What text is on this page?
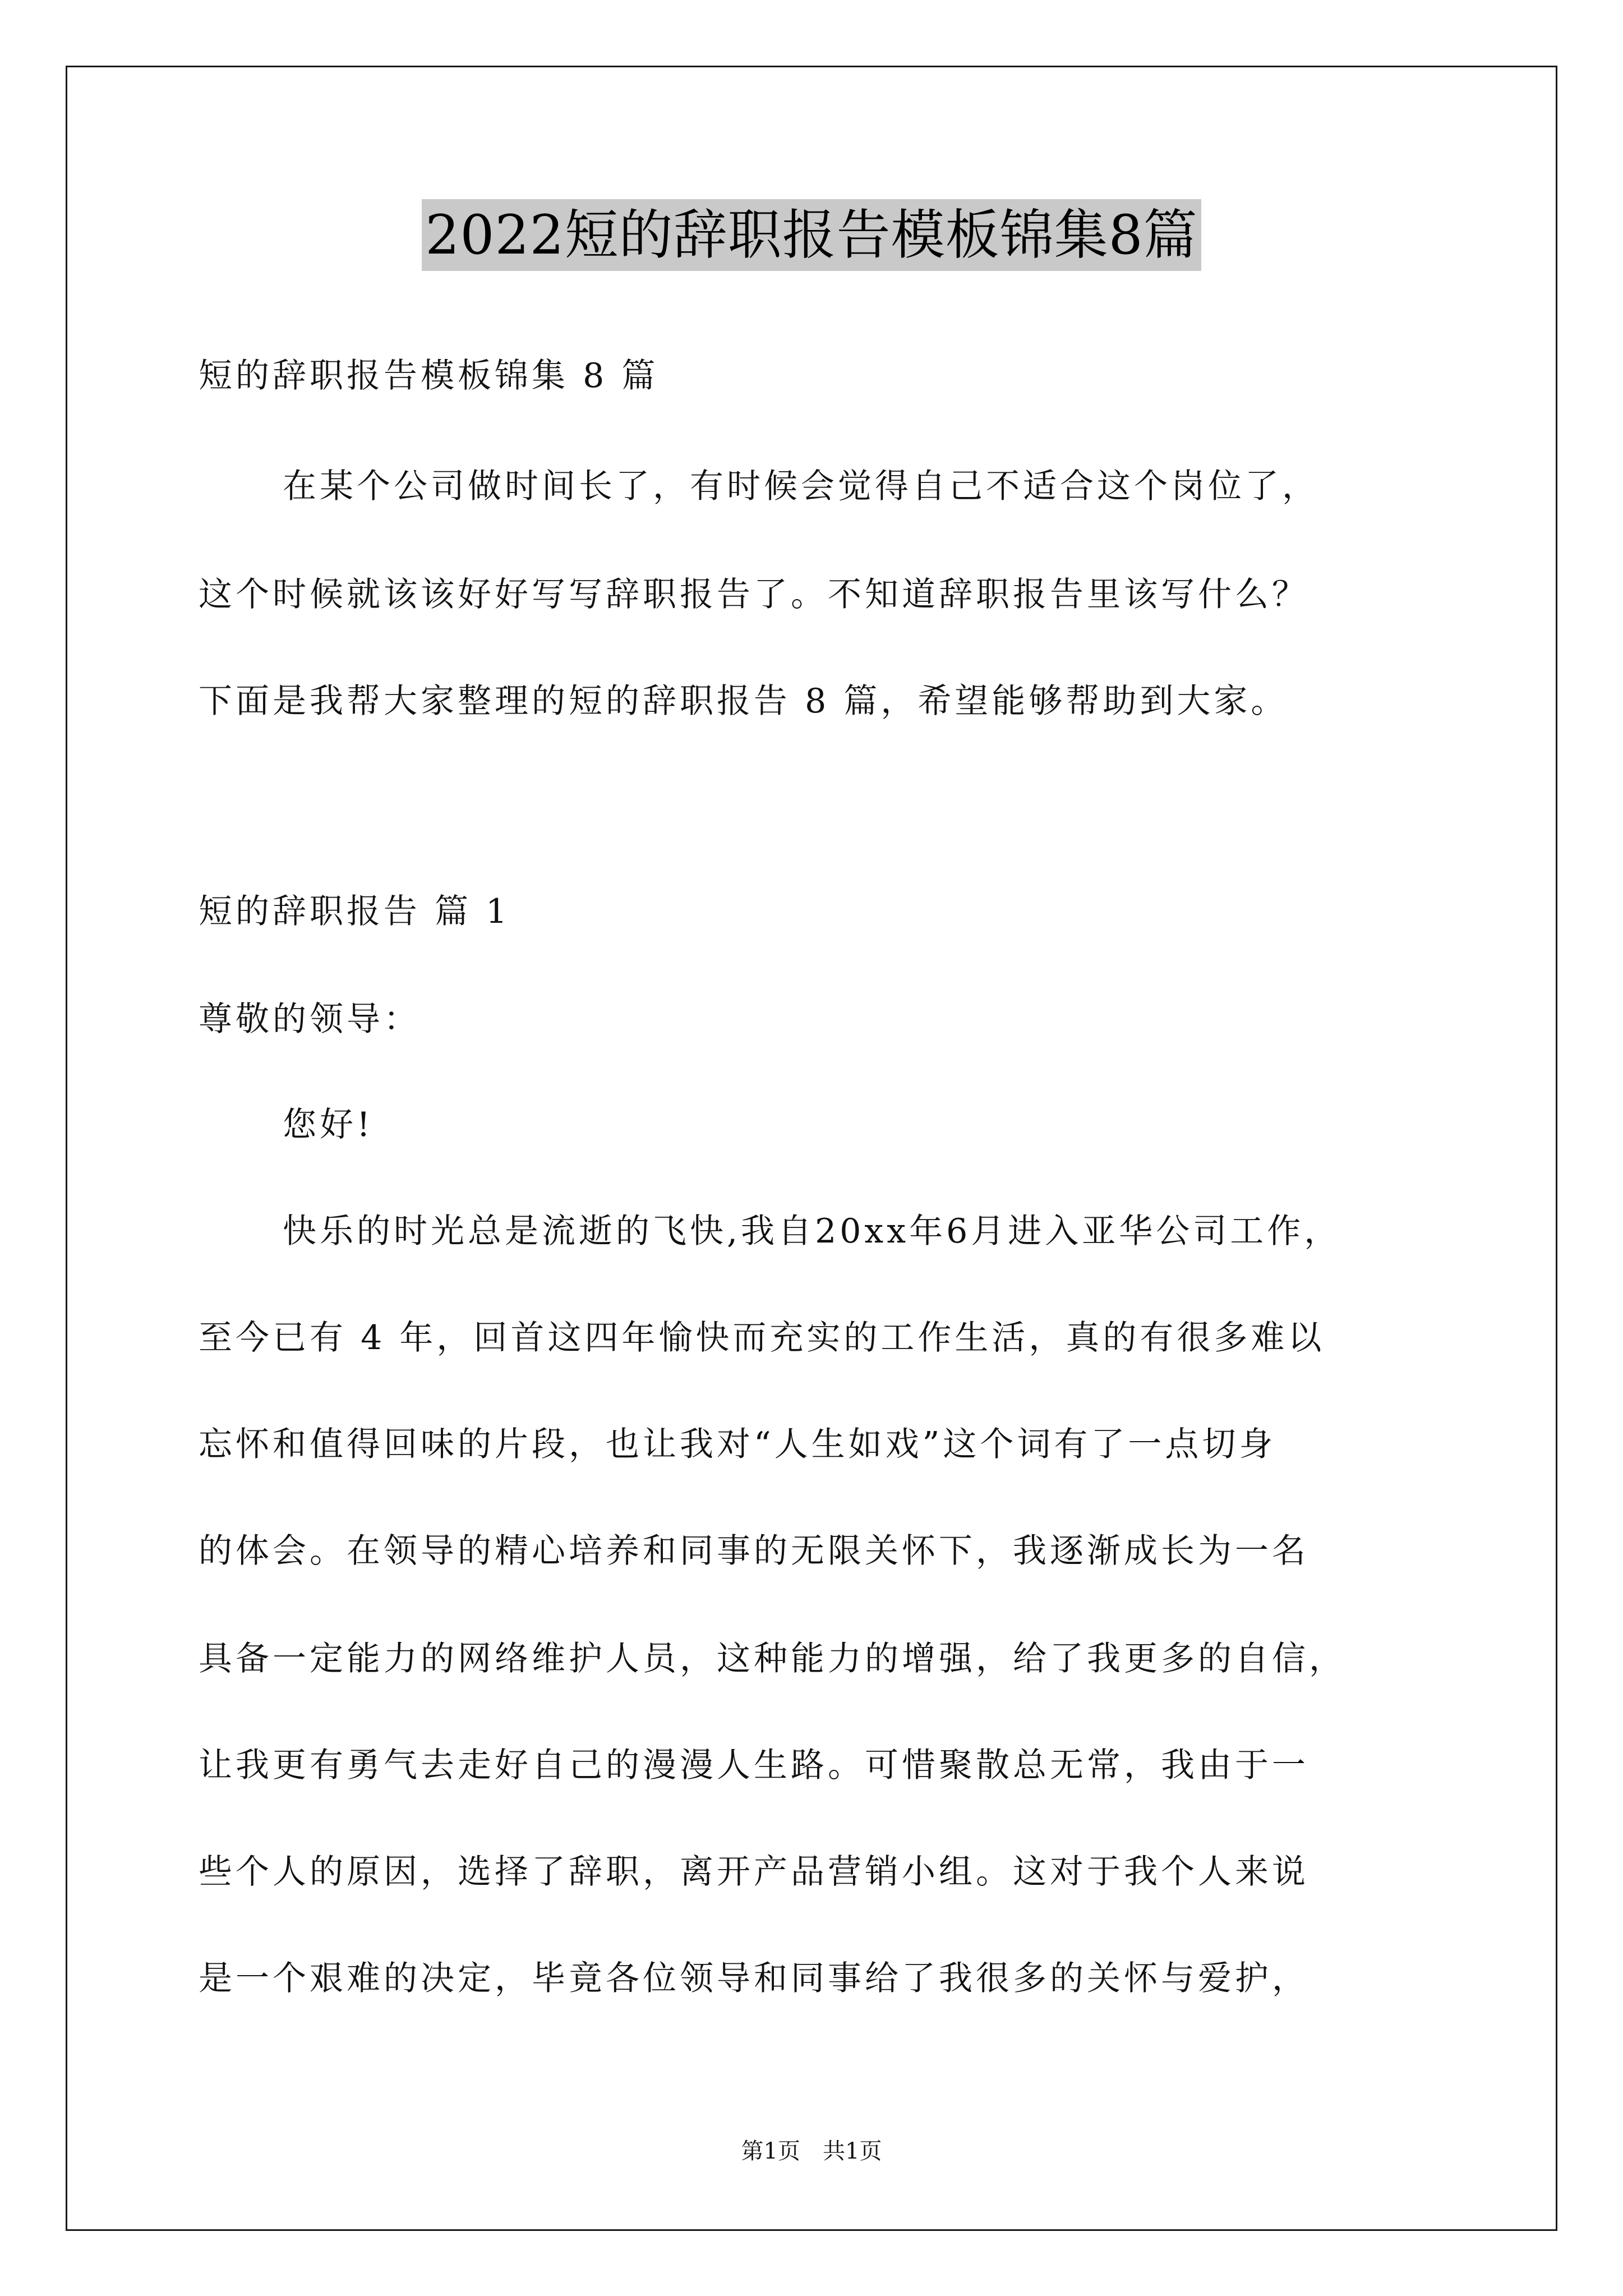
2022短的辞职报告模板锦集8篇
短的辞职报告模板锦集 8 篇
在某个公司做时间长了，有时候会觉得自己不适合这个岗位了，
这个时候就该该好好写写辞职报告了。不知道辞职报告里该写什么？
下面是我帮大家整理的短的辞职报告 8 篇，希望能够帮助到大家。
短的辞职报告 篇 1
尊敬的领导：
您好!
快乐的时光总是流逝的飞快,我自20xx年6月进入亚华公司工作，
至今已有 4 年，回首这四年愉快而充实的工作生活，真的有很多难以
忘怀和值得回味的片段，也让我对“人生如戏”这个词有了一点切身
的体会。在领导的精心培养和同事的无限关怀下，我逐渐成长为一名
具备一定能力的网络维护人员，这种能力的增强，给了我更多的自信，
让我更有勇气去走好自己的漫漫人生路。可惜聚散总无常，我由于一
些个人的原因，选择了辞职，离开产品营销小组。这对于我个人来说
是一个艰难的决定，毕竟各位领导和同事给了我很多的关怀与爱护，
第1页　共1页
